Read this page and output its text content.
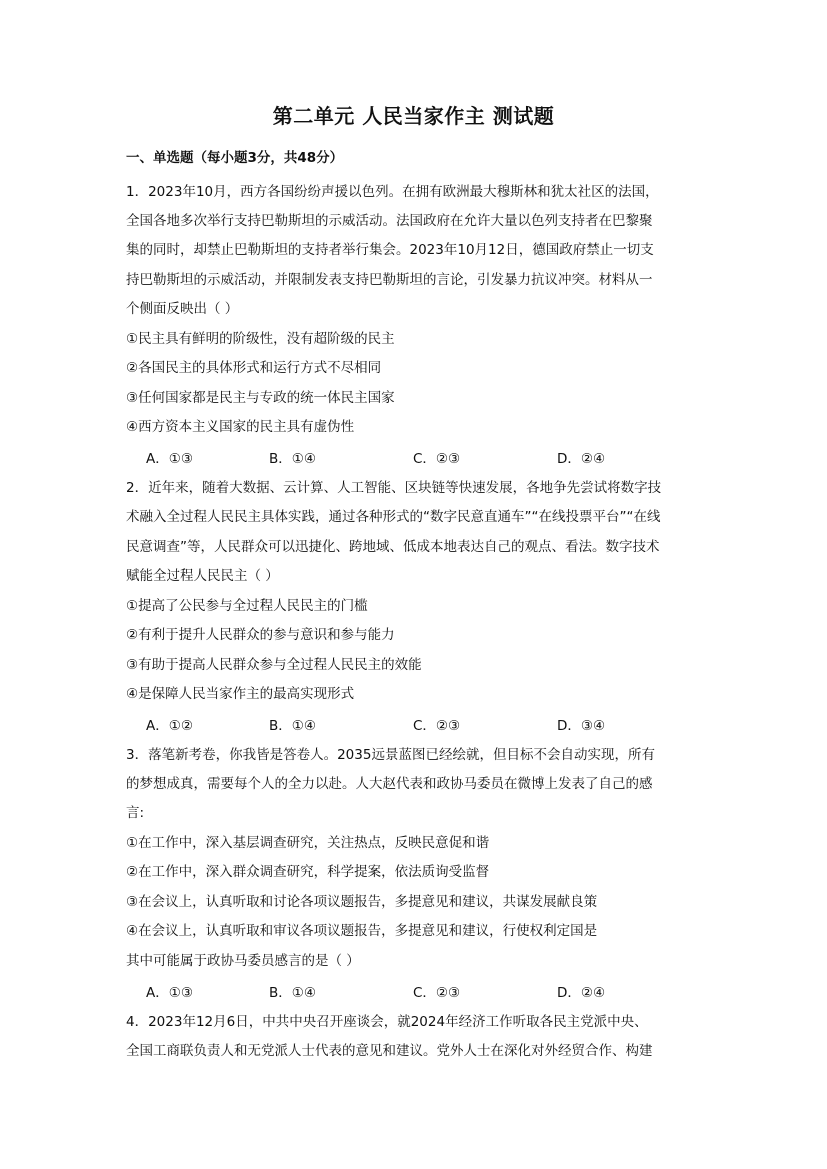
第二单元 人民当家作主 测试题
一、单选题（每小题3分，共48分）
1．2023年10月，西方各国纷纷声援以色列。在拥有欧洲最大穆斯林和犹太社区的法国，
全国各地多次举行支持巴勒斯坦的示威活动。法国政府在允许大量以色列支持者在巴黎聚
集的同时，却禁止巴勒斯坦的支持者举行集会。2023年10月12日，德国政府禁止一切支
持巴勒斯坦的示威活动，并限制发表支持巴勒斯坦的言论，引发暴力抗议冲突。材料从一
个侧面反映出（ ）
①民主具有鲜明的阶级性，没有超阶级的民主
②各国民主的具体形式和运行方式不尽相同
③任何国家都是民主与专政的统一体民主国家
④西方资本主义国家的民主具有虚伪性
A．①③	B．①④	C．②③	D．②④
2．近年来，随着大数据、云计算、人工智能、区块链等快速发展，各地争先尝试将数字技
术融入全过程人民民主具体实践，通过各种形式的“数字民意直通车”“在线投票平台”“在线
民意调查”等，人民群众可以迅捷化、跨地域、低成本地表达自己的观点、看法。数字技术
赋能全过程人民民主（ ）
①提高了公民参与全过程人民民主的门槛
②有利于提升人民群众的参与意识和参与能力
③有助于提高人民群众参与全过程人民民主的效能
④是保障人民当家作主的最高实现形式
A．①②	B．①④	C．②③	D．③④
3．落笔新考卷，你我皆是答卷人。2035远景蓝图已经绘就，但目标不会自动实现，所有
的梦想成真，需要每个人的全力以赴。人大赵代表和政协马委员在微博上发表了自己的感
言:
①在工作中，深入基层调查研究，关注热点，反映民意促和谐
②在工作中，深入群众调查研究，科学提案，依法质询受监督
③在会议上，认真听取和讨论各项议题报告，多提意见和建议，共谋发展献良策
④在会议上，认真听取和审议各项议题报告，多提意见和建议，行使权利定国是
其中可能属于政协马委员感言的是（ ）
A．①③	B．①④	C．②③	D．②④
4．2023年12月6日，中共中央召开座谈会，就2024年经济工作听取各民主党派中央、
全国工商联负责人和无党派人士代表的意见和建议。党外人士在深化对外经贸合作、构建
